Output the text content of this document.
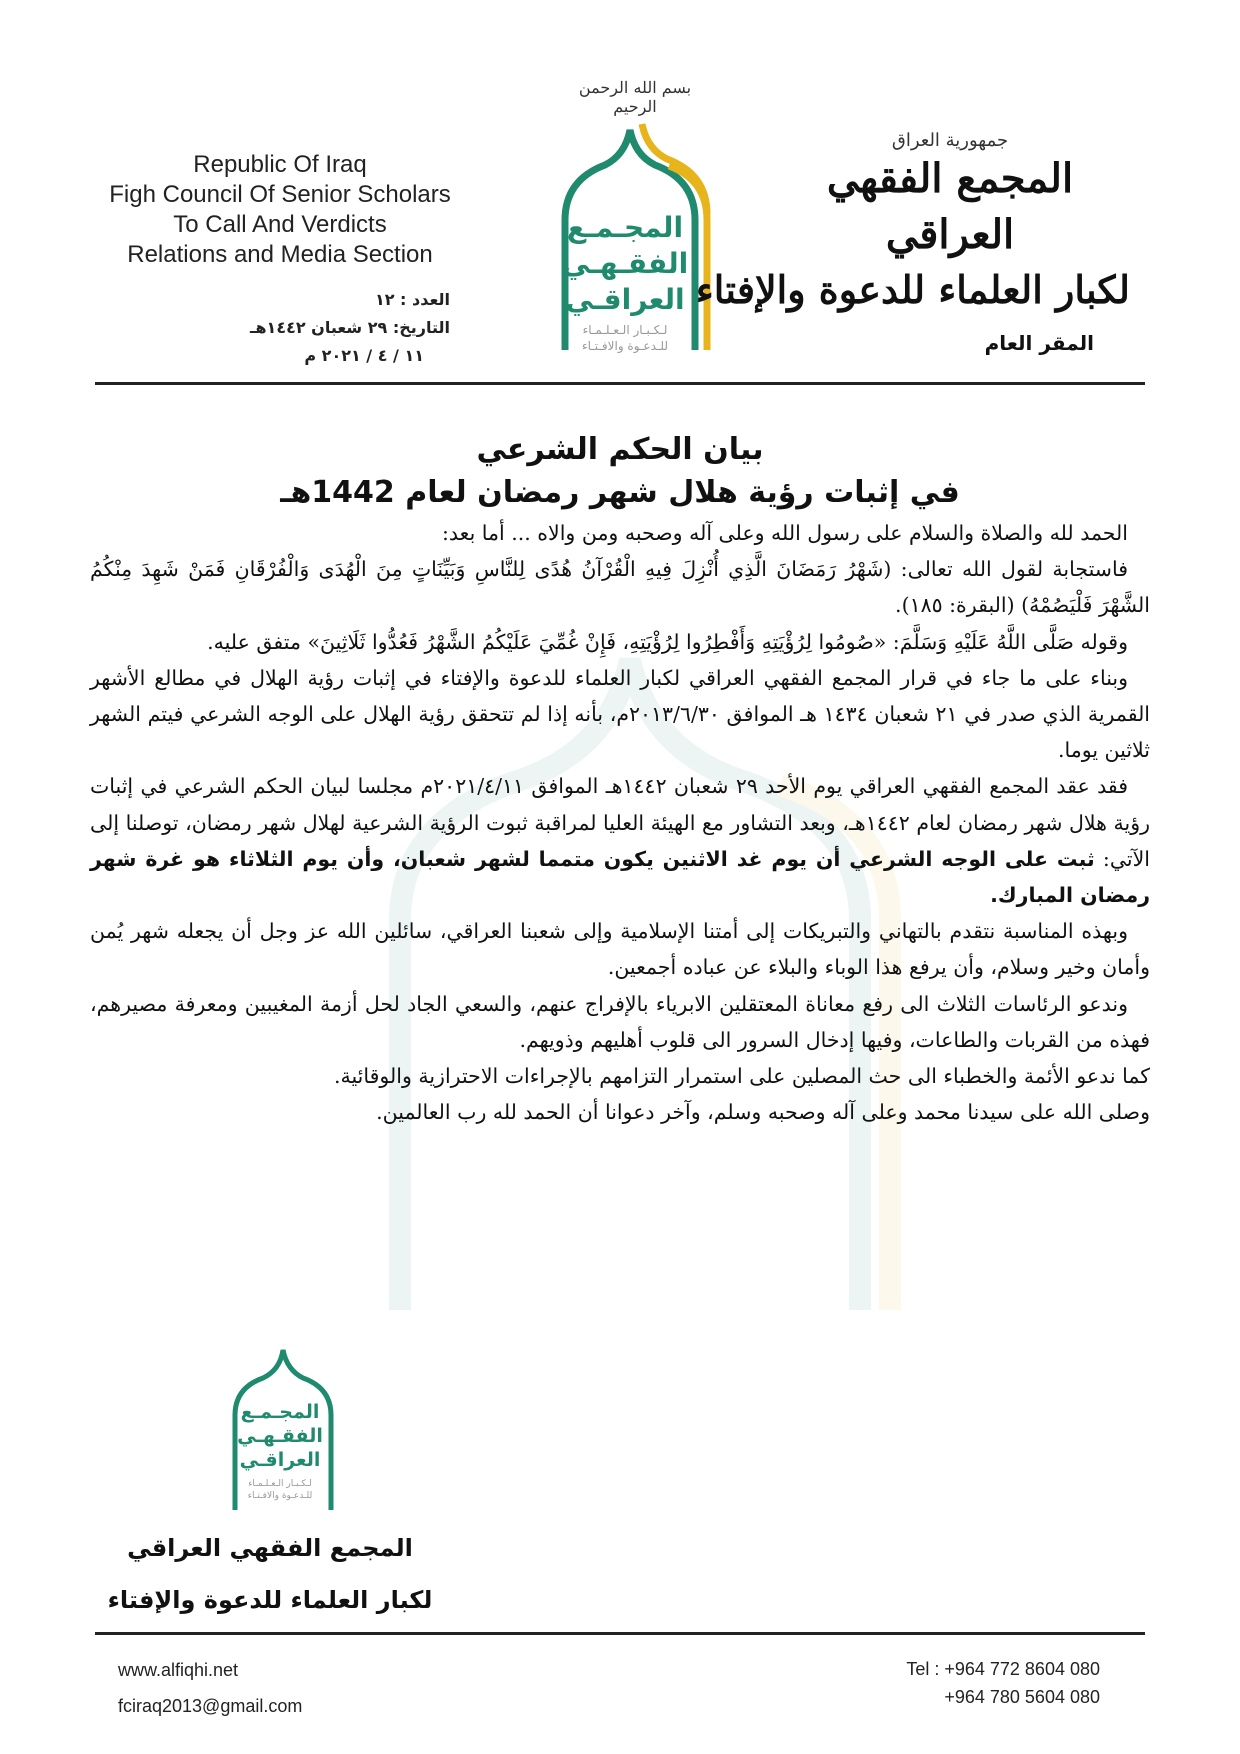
Republic Of Iraq
Figh Council Of Senior Scholars
To Call And Verdicts
Relations and Media Section
العدد : ١٢
التاريخ: ٢٩ شعبان ١٤٤٢هـ
١١ / ٤ / ٢٠٢١ م
بسم الله الرحمن الرحيم
المجـمـع
الفقـهـي
العراقـي
لـكـبـار الـعـلـمـاء
للـدعـوة والافـتـاء
جمهورية العراق
المجمع الفقهي العراقي
لكبار العلماء للدعوة والإفتاء
المقر العام
بيان الحكم الشرعي
في إثبات رؤية هلال شهر رمضان لعام 1442هـ

الحمد لله والصلاة والسلام على رسول الله وعلى آله وصحبه ومن والاه ... أما بعد:

فاستجابة لقول الله تعالى: (شَهْرُ رَمَضَانَ الَّذِي أُنْزِلَ فِيهِ الْقُرْآنُ هُدًى لِلنَّاسِ وَبَيِّنَاتٍ مِنَ الْهُدَى وَالْفُرْقَانِ فَمَنْ شَهِدَ مِنْكُمُ الشَّهْرَ فَلْيَصُمْهُ) (البقرة: ١٨٥).

وقوله صَلَّى اللَّهُ عَلَيْهِ وَسَلَّمَ: «صُومُوا لِرُؤْيَتِهِ وَأَفْطِرُوا لِرُؤْيَتِهِ، فَإِنْ غُمِّيَ عَلَيْكُمُ الشَّهْرُ فَعُدُّوا ثَلَاثِينَ» متفق عليه.

وبناء على ما جاء في قرار المجمع الفقهي العراقي لكبار العلماء للدعوة والإفتاء في إثبات رؤية الهلال في مطالع الأشهر القمرية الذي صدر في ٢١ شعبان ١٤٣٤ هـ الموافق ٢٠١٣/٦/٣٠م، بأنه إذا لم تتحقق رؤية الهلال على الوجه الشرعي فيتم الشهر ثلاثين يوما.

فقد عقد المجمع الفقهي العراقي يوم الأحد ٢٩ شعبان ١٤٤٢هـ الموافق ٢٠٢١/٤/١١م مجلسا لبيان الحكم الشرعي في إثبات رؤية هلال شهر رمضان لعام ١٤٤٢هـ، وبعد التشاور مع الهيئة العليا لمراقبة ثبوت الرؤية الشرعية لهلال شهر رمضان، توصلنا إلى الآتي: ثبت على الوجه الشرعي أن يوم غد الاثنين يكون متمما لشهر شعبان، وأن يوم الثلاثاء هو غرة شهر رمضان المبارك.

وبهذه المناسبة نتقدم بالتهاني والتبريكات إلى أمتنا الإسلامية وإلى شعبنا العراقي، سائلين الله عز وجل أن يجعله شهر يُمن وأمان وخير وسلام، وأن يرفع هذا الوباء والبلاء عن عباده أجمعين.

وندعو الرئاسات الثلاث الى رفع معاناة المعتقلين الابرياء بالإفراج عنهم، والسعي الجاد لحل أزمة المغيبين ومعرفة مصيرهم، فهذه من القربات والطاعات، وفيها إدخال السرور الى قلوب أهليهم وذويهم.

كما ندعو الأئمة والخطباء الى حث المصلين على استمرار التزامهم بالإجراءات الاحترازية والوقائية.

وصلى الله على سيدنا محمد وعلى آله وصحبه وسلم، وآخر دعوانا أن الحمد لله رب العالمين.

المجـمـع
الفقـهـي
العراقـي
لـكـبـار الـعـلـمـاء
للـدعـوة والافـتـاء
المجمع الفقهي العراقي
لكبار العلماء للدعوة والإفتاء
www.alfiqhi.net
fciraq2013@gmail.com
Tel : +964 772 8604 080
+964 780 5604 080
